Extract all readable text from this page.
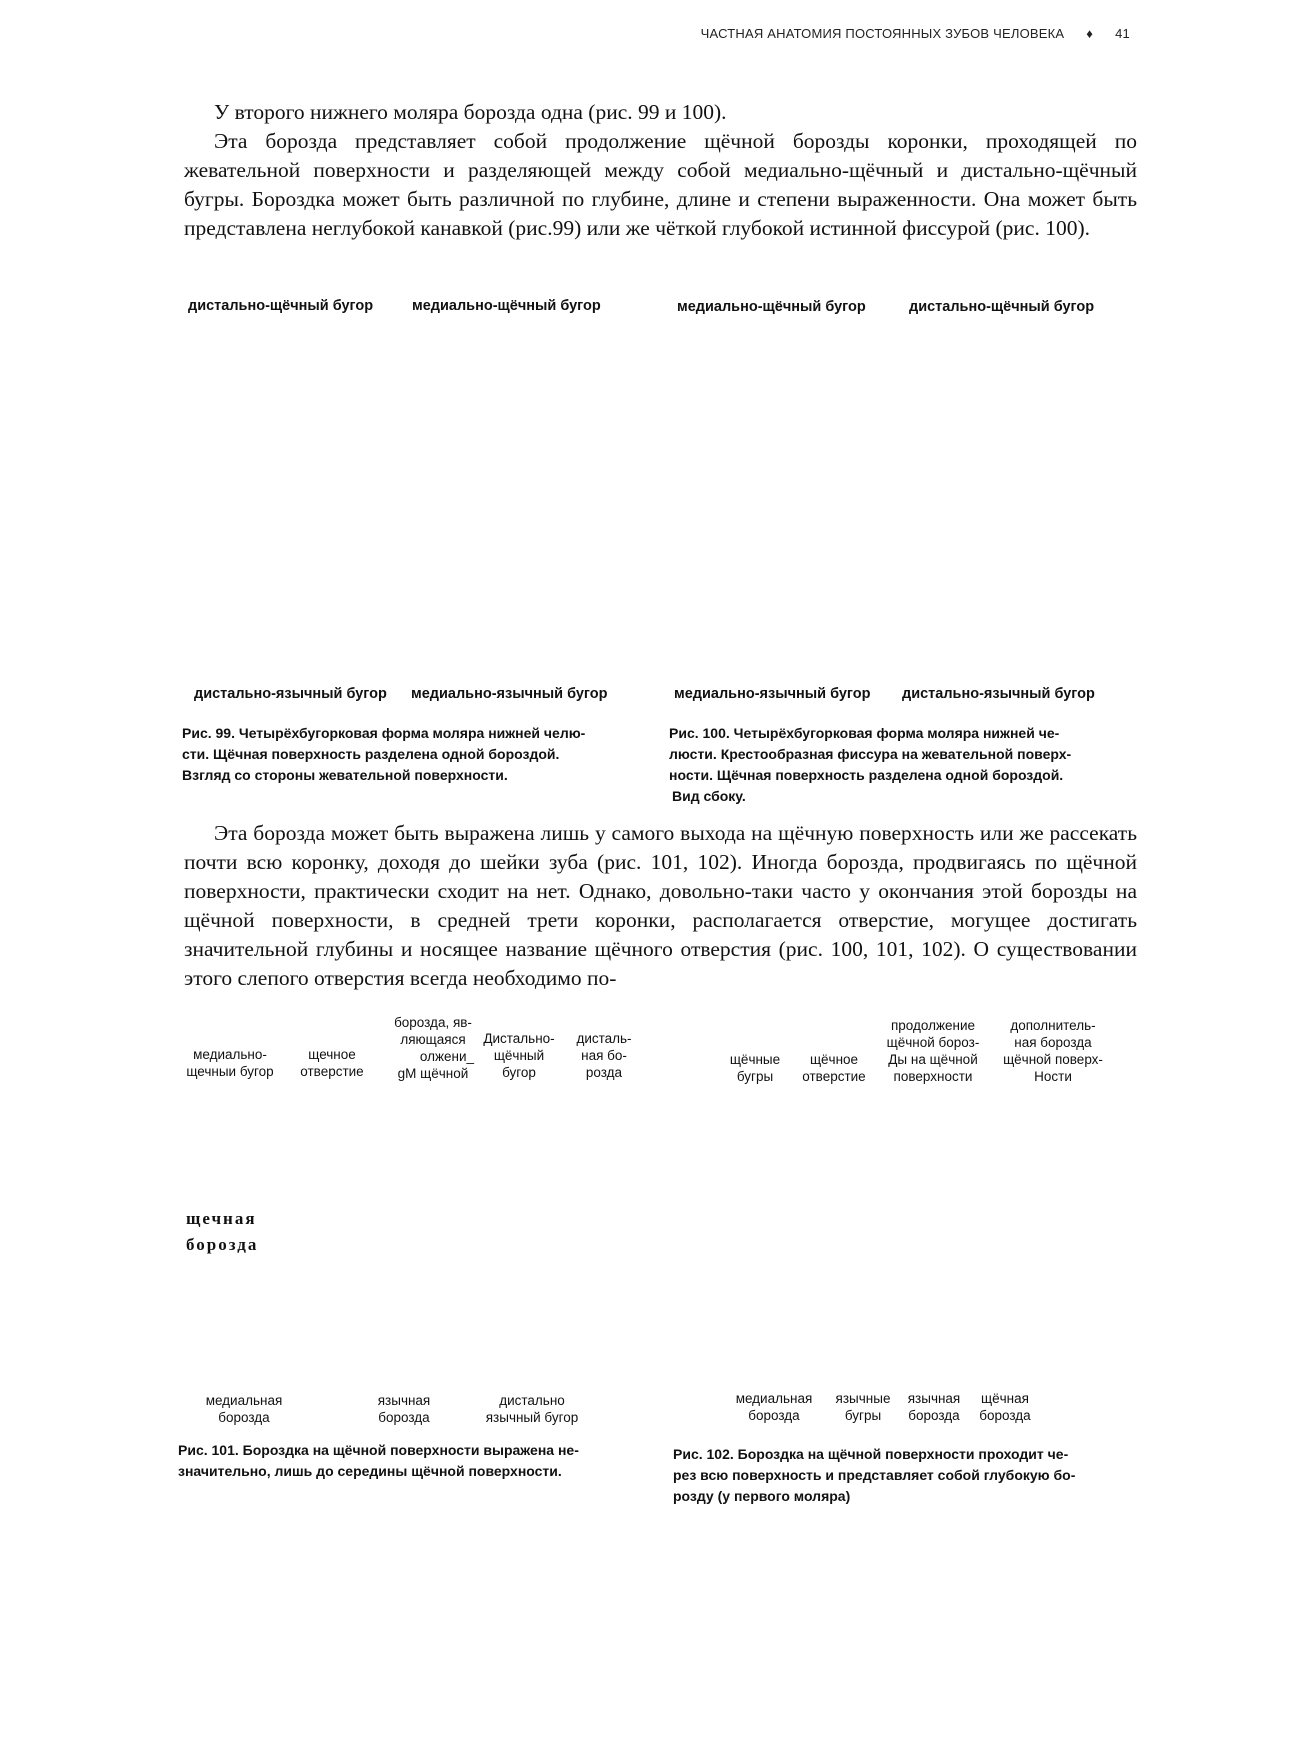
ЧАСТНАЯ АНАТОМИЯ ПОСТОЯННЫХ ЗУБОВ ЧЕЛОВЕКА ♦ 41

У второго нижнего моляра борозда одна (рис. 99 и 100).

Эта борозда представляет собой продолжение щёчной борозды коронки, проходящей по жевательной поверхности и разделяющей между собой медиально-щёчный и дистально-щёчный бугры. Бороздка может быть различной по глубине, длине и степени выраженности. Она может быть представлена неглубокой канавкой (рис.99) или же чёткой глубокой истинной фиссурой (рис. 100).

дистально-щёчный бугор	медиально-щёчный бугор
дистально-язычный бугор медиально-язычный бугор
медиально-щёчный бугор	дистально-щёчный бугор
медиально-язычный бугор дистально-язычный бугор
Рис. 99. Четырёхбугорковая форма моляра нижней челю-
сти. Щёчная поверхность разделена одной бороздой.
Взгляд со стороны жевательной поверхности.
Рис. 100. Четырёхбугорковая форма моляра нижней че-
люсти. Крестообразная фиссура на жевательной поверх-
ности. Щёчная поверхность разделена одной бороздой.
Вид сбоку.

Эта борозда может быть выражена лишь у самого выхода на щёчную поверхность или же рассекать почти всю коронку, доходя до шейки зуба (рис. 101, 102). Иногда борозда, продвигаясь по щёчной поверхности, практически сходит на нет. Однако, довольно-таки часто у окончания этой борозды на щёчной поверхности, в средней трети коронки, располагается отверстие, могущее достигать значительной глубины и носящее название щёчного отверстия (рис. 100, 101, 102). О существовании этого слепого отверстия всегда необходимо по-

медиально-
щечныи бугор
щечное
отверстие
борозда, яв-
ляющаяся
олжени_
gM щёчной
Дистально-
щёчный
бугор
дисталь-
ная бо-
розда
щечная
борозда
медиальная
борозда
язычная
борозда
дистально
язычный бугор
Рис. 101. Бороздка на щёчной поверхности выражена не-
значительно, лишь до середины щёчной поверхности.
щёчные
бугры
щёчное
отверстие
продолжение
щёчной бороз-
Ды на щёчной
поверхности
дополнитель-
ная борозда
щёчной поверх-
Ности
медиальная
борозда
язычные
бугры
язычная
борозда
щёчная
борозда
Рис. 102. Бороздка на щёчной поверхности проходит че-
рез всю поверхность и представляет собой глубокую бо-
розду (у первого моляра)
